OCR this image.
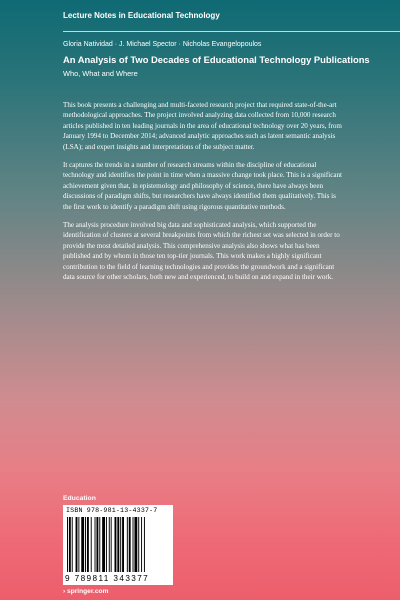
Lecture Notes in Educational Technology
Gloria Natividad · J. Michael Spector · Nicholas Evangelopoulos
An Analysis of Two Decades of Educational Technology Publications
Who, What and Where

This book presents a challenging and multi-faceted research project that required state-of-the-art methodological approaches. The project involved analyzing data collected from 10,000 research articles published in ten leading journals in the area of educational technology over 20 years, from January 1994 to December 2014; advanced analytic approaches such as latent semantic analysis (LSA); and expert insights and interpretations of the subject matter.

It captures the trends in a number of research streams within the discipline of educational technology and identifies the point in time when a massive change took place. This is a significant achievement given that, in epistemology and philosophy of science, there have always been discussions of paradigm shifts, but researchers have always identified them qualitatively. This is the first work to identify a paradigm shift using rigorous quantitative methods.

The analysis procedure involved big data and sophisticated analysis, which supported the identification of clusters at several breakpoints from which the richest set was selected in order to provide the most detailed analysis. This comprehensive analysis also shows what has been published and by whom in those ten top-tier journals. This work makes a highly significant contribution to the field of learning technologies and provides the groundwork and a significant data source for other scholars, both new and experienced, to build on and expand in their work.

Education
ISBN 978-981-13-4337-7
9 789811 343377
› springer.com
